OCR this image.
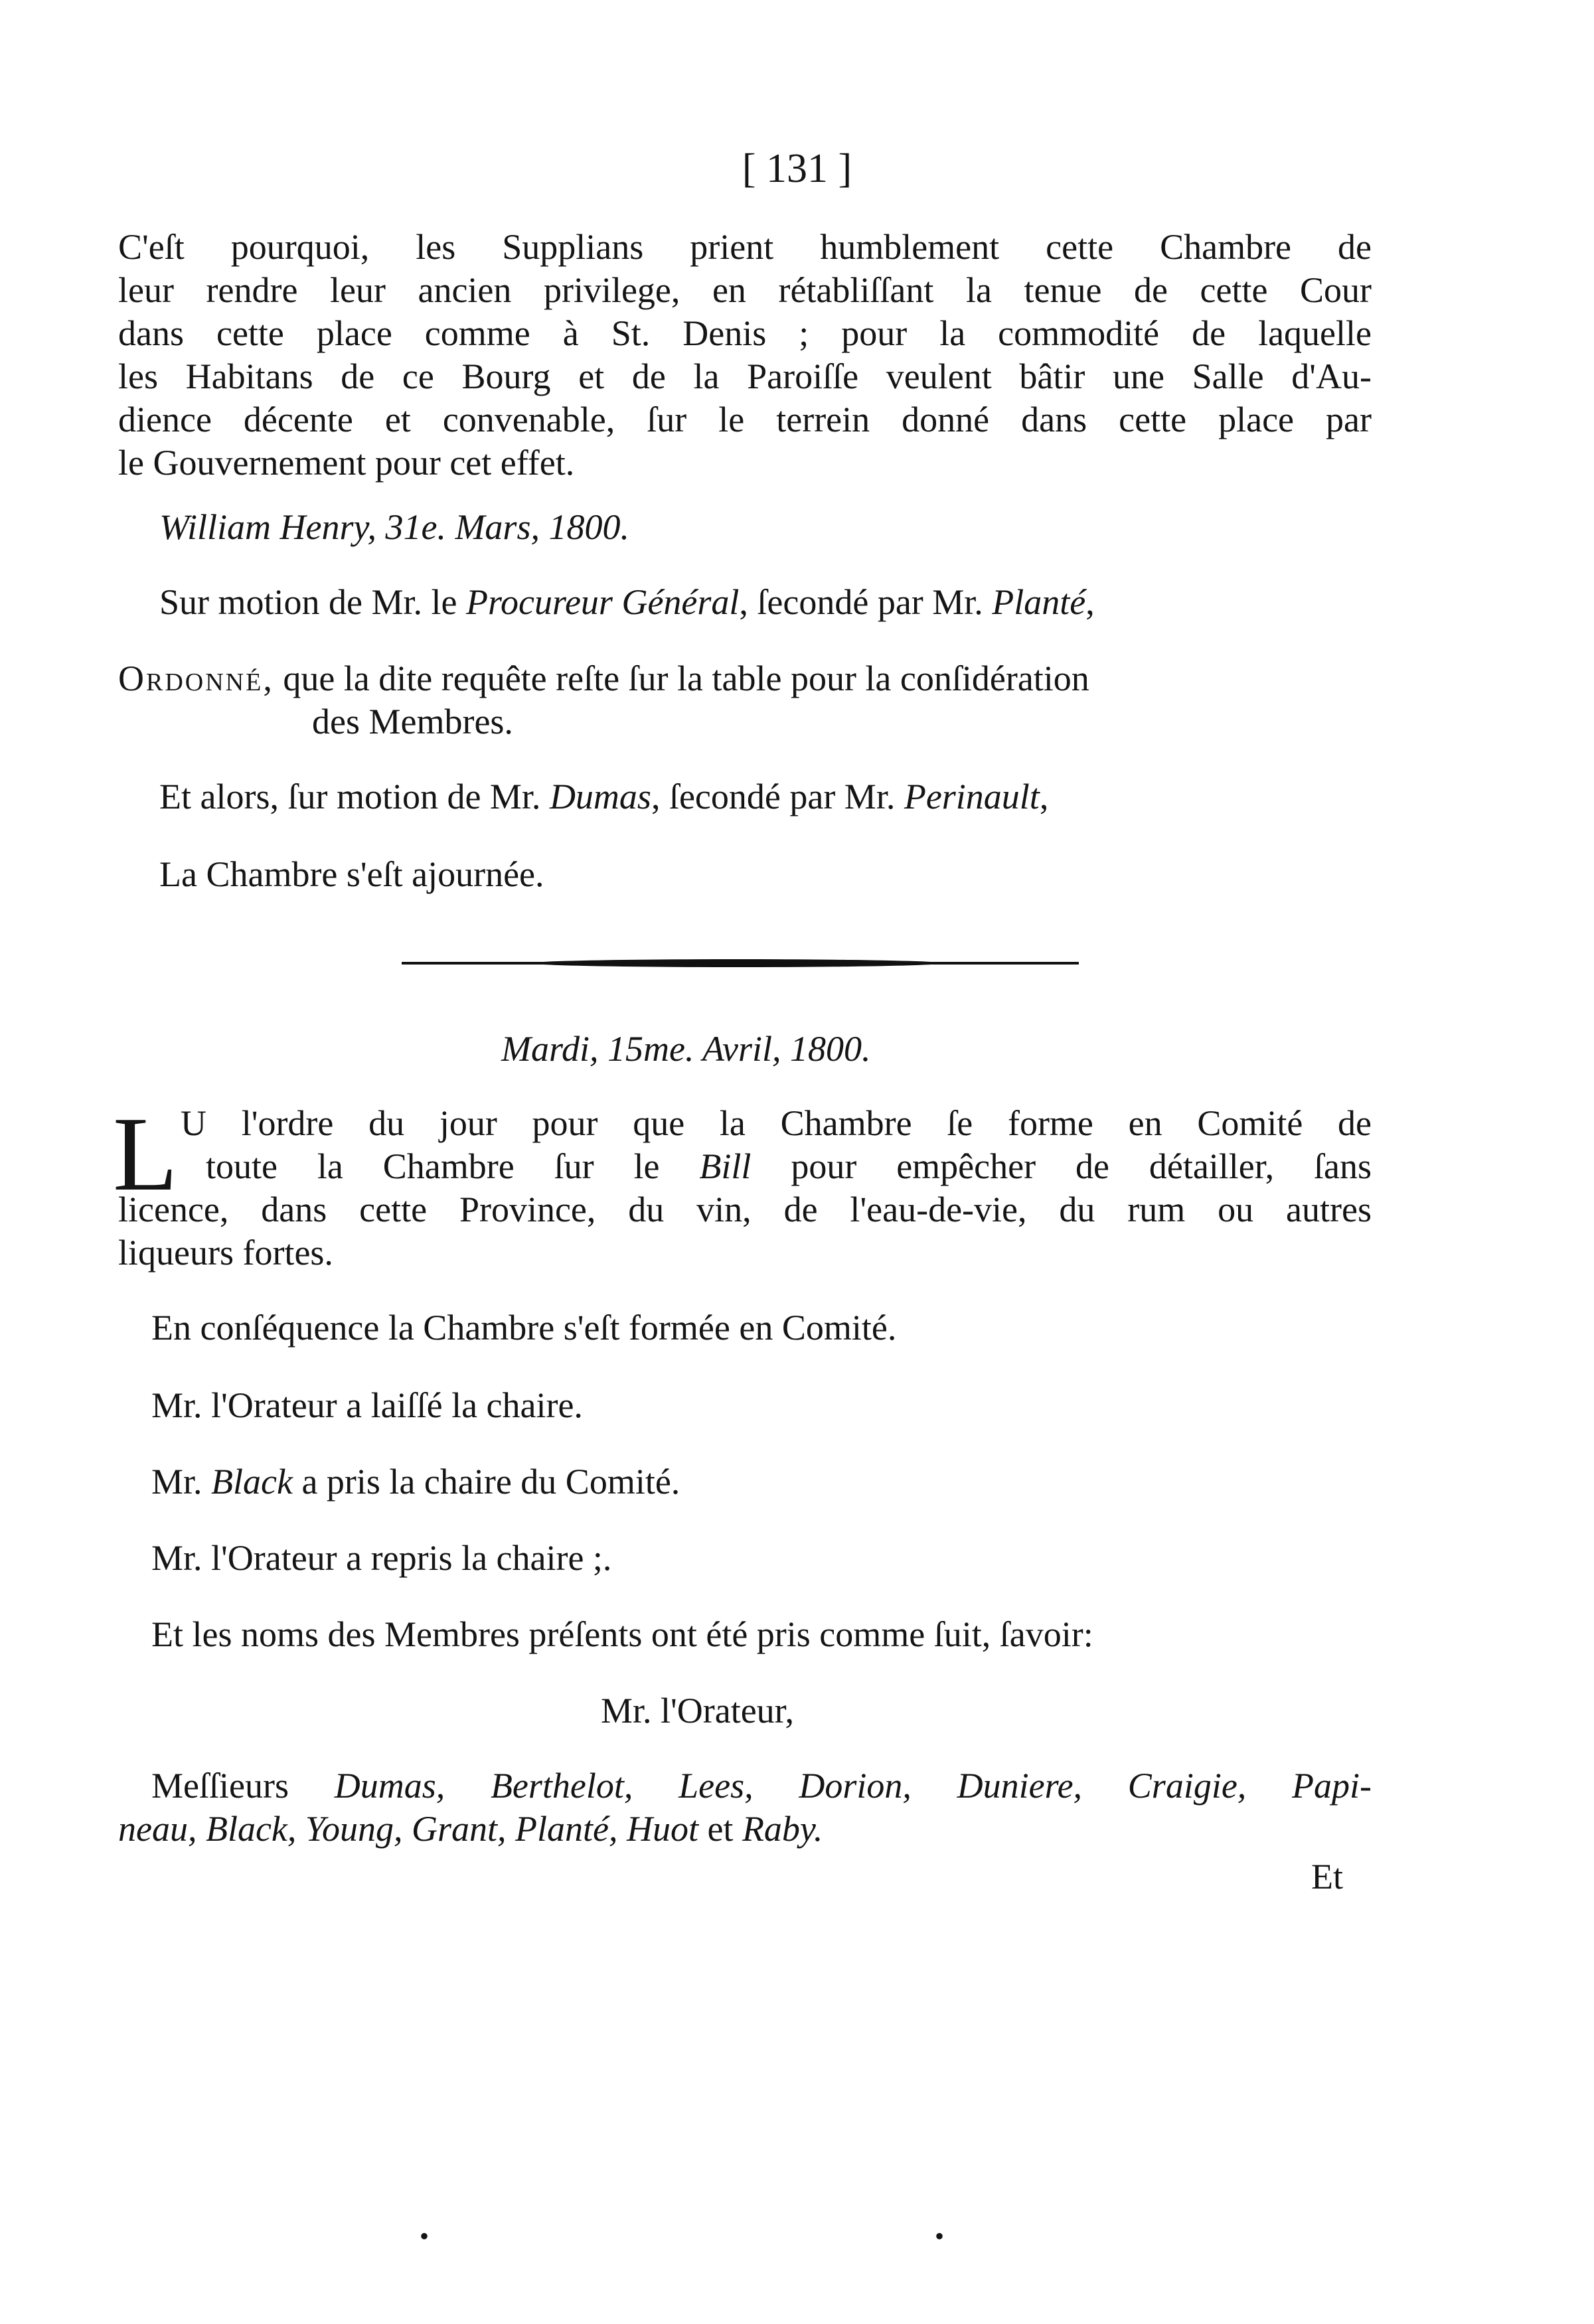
[ 131 ]
C'eſt pourquoi, les Supplians prient humblement cette Chambre de
leur rendre leur ancien privilege, en rétabliſſant la tenue de cette Cour
dans cette place comme à St. Denis ; pour la commodité de laquelle
les Habitans de ce Bourg et de la Paroiſſe veulent bâtir une Salle d'Au-
dience décente et convenable, ſur le terrein donné dans cette place par
le Gouvernement pour cet effet.
William Henry, 31e. Mars, 1800.
Sur motion de Mr. le Procureur Général, ſecondé par Mr. Planté,
Ordonné, que la dite requête reſte ſur la table pour la conſidération
des Membres.
Et alors, ſur motion de Mr. Dumas, ſecondé par Mr. Perinault,
La Chambre s'eſt ajournée.
Mardi, 15me. Avril, 1800.
L U l'ordre du jour pour que la Chambre ſe forme en Comité de
toute la Chambre ſur le Bill pour empêcher de détailler, ſans
licence, dans cette Province, du vin, de l'eau-de-vie, du rum ou autres
liqueurs fortes.
En conſéquence la Chambre s'eſt formée en Comité.
Mr. l'Orateur a laiſſé la chaire.
Mr. Black a pris la chaire du Comité.
Mr. l'Orateur a repris la chaire ;.
Et les noms des Membres préſents ont été pris comme ſuit, ſavoir:
Mr. l'Orateur,
Meſſieurs Dumas, Berthelot, Lees, Dorion, Duniere, Craigie, Papi-
neau, Black, Young, Grant, Planté, Huot et Raby.
Et
•	•
